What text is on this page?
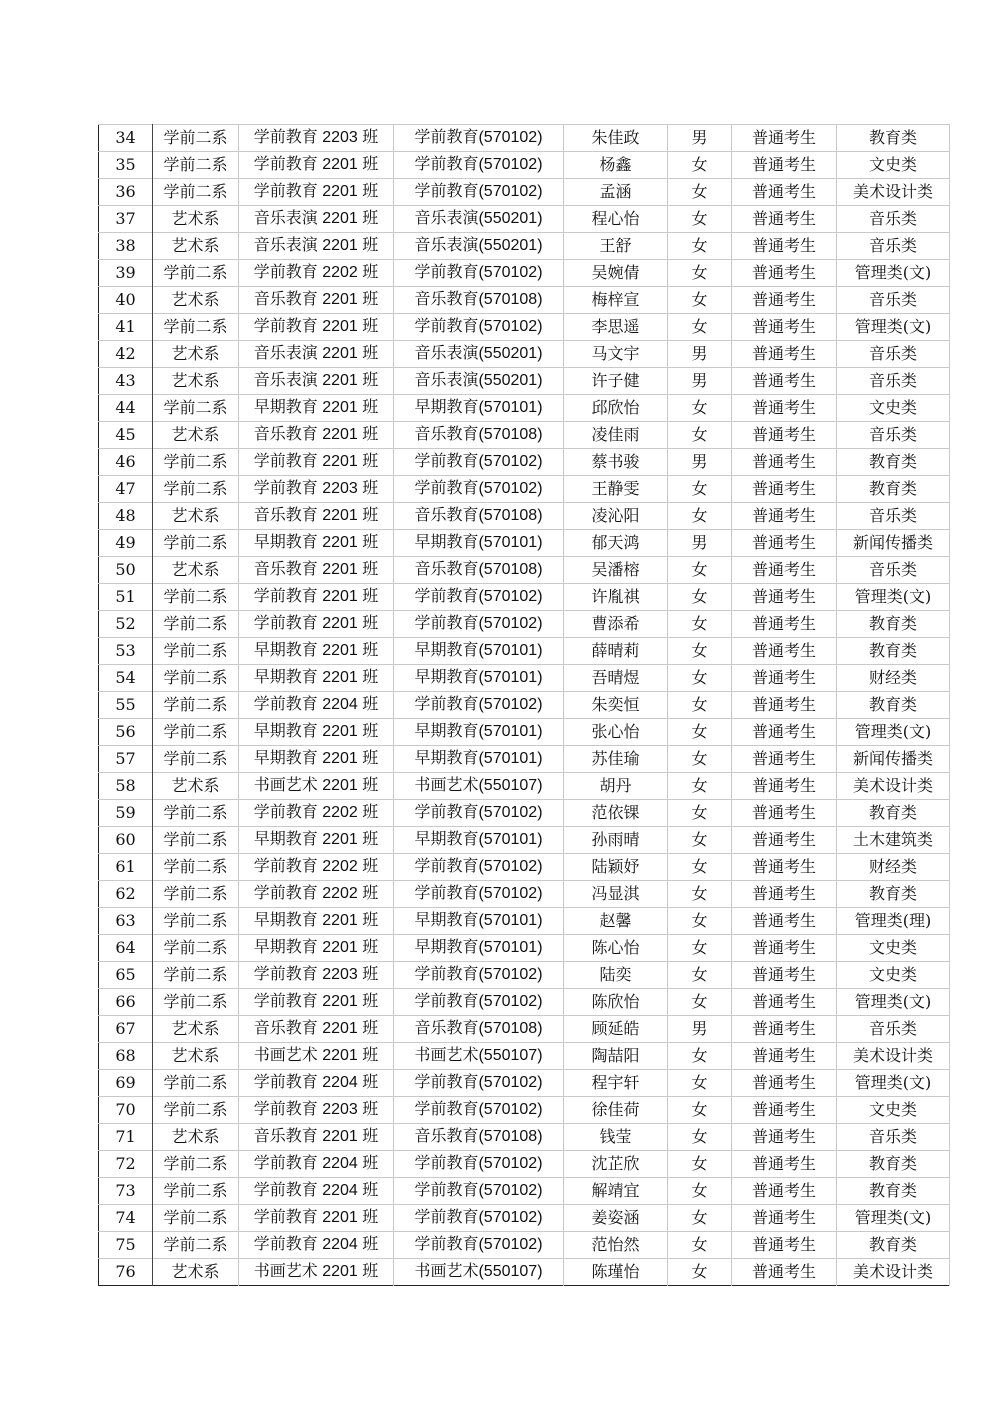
34	学前二系	学前教育 2203 班	学前教育(570102)	朱佳政	男	普通考生	教育类
35	学前二系	学前教育 2201 班	学前教育(570102)	杨鑫	女	普通考生	文史类
36	学前二系	学前教育 2201 班	学前教育(570102)	孟涵	女	普通考生	美术设计类
37	艺术系	音乐表演 2201 班	音乐表演(550201)	程心怡	女	普通考生	音乐类
38	艺术系	音乐表演 2201 班	音乐表演(550201)	王舒	女	普通考生	音乐类
39	学前二系	学前教育 2202 班	学前教育(570102)	吴婉倩	女	普通考生	管理类(文)
40	艺术系	音乐教育 2201 班	音乐教育(570108)	梅梓宣	女	普通考生	音乐类
41	学前二系	学前教育 2201 班	学前教育(570102)	李思遥	女	普通考生	管理类(文)
42	艺术系	音乐表演 2201 班	音乐表演(550201)	马文宇	男	普通考生	音乐类
43	艺术系	音乐表演 2201 班	音乐表演(550201)	许子健	男	普通考生	音乐类
44	学前二系	早期教育 2201 班	早期教育(570101)	邱欣怡	女	普通考生	文史类
45	艺术系	音乐教育 2201 班	音乐教育(570108)	凌佳雨	女	普通考生	音乐类
46	学前二系	学前教育 2201 班	学前教育(570102)	蔡书骏	男	普通考生	教育类
47	学前二系	学前教育 2203 班	学前教育(570102)	王静雯	女	普通考生	教育类
48	艺术系	音乐教育 2201 班	音乐教育(570108)	凌沁阳	女	普通考生	音乐类
49	学前二系	早期教育 2201 班	早期教育(570101)	郁天鸿	男	普通考生	新闻传播类
50	艺术系	音乐教育 2201 班	音乐教育(570108)	吴潘榕	女	普通考生	音乐类
51	学前二系	学前教育 2201 班	学前教育(570102)	许胤祺	女	普通考生	管理类(文)
52	学前二系	学前教育 2201 班	学前教育(570102)	曹添希	女	普通考生	教育类
53	学前二系	早期教育 2201 班	早期教育(570101)	薛晴莉	女	普通考生	教育类
54	学前二系	早期教育 2201 班	早期教育(570101)	吾晴煜	女	普通考生	财经类
55	学前二系	学前教育 2204 班	学前教育(570102)	朱奕恒	女	普通考生	教育类
56	学前二系	早期教育 2201 班	早期教育(570101)	张心怡	女	普通考生	管理类(文)
57	学前二系	早期教育 2201 班	早期教育(570101)	苏佳瑜	女	普通考生	新闻传播类
58	艺术系	书画艺术 2201 班	书画艺术(550107)	胡丹	女	普通考生	美术设计类
59	学前二系	学前教育 2202 班	学前教育(570102)	范依锞	女	普通考生	教育类
60	学前二系	早期教育 2201 班	早期教育(570101)	孙雨晴	女	普通考生	土木建筑类
61	学前二系	学前教育 2202 班	学前教育(570102)	陆颖妤	女	普通考生	财经类
62	学前二系	学前教育 2202 班	学前教育(570102)	冯显淇	女	普通考生	教育类
63	学前二系	早期教育 2201 班	早期教育(570101)	赵馨	女	普通考生	管理类(理)
64	学前二系	早期教育 2201 班	早期教育(570101)	陈心怡	女	普通考生	文史类
65	学前二系	学前教育 2203 班	学前教育(570102)	陆奕	女	普通考生	文史类
66	学前二系	学前教育 2201 班	学前教育(570102)	陈欣怡	女	普通考生	管理类(文)
67	艺术系	音乐教育 2201 班	音乐教育(570108)	顾延皓	男	普通考生	音乐类
68	艺术系	书画艺术 2201 班	书画艺术(550107)	陶喆阳	女	普通考生	美术设计类
69	学前二系	学前教育 2204 班	学前教育(570102)	程宇轩	女	普通考生	管理类(文)
70	学前二系	学前教育 2203 班	学前教育(570102)	徐佳荷	女	普通考生	文史类
71	艺术系	音乐教育 2201 班	音乐教育(570108)	钱莹	女	普通考生	音乐类
72	学前二系	学前教育 2204 班	学前教育(570102)	沈芷欣	女	普通考生	教育类
73	学前二系	学前教育 2204 班	学前教育(570102)	解靖宜	女	普通考生	教育类
74	学前二系	学前教育 2201 班	学前教育(570102)	姜姿涵	女	普通考生	管理类(文)
75	学前二系	学前教育 2204 班	学前教育(570102)	范怡然	女	普通考生	教育类
76	艺术系	书画艺术 2201 班	书画艺术(550107)	陈瑾怡	女	普通考生	美术设计类
